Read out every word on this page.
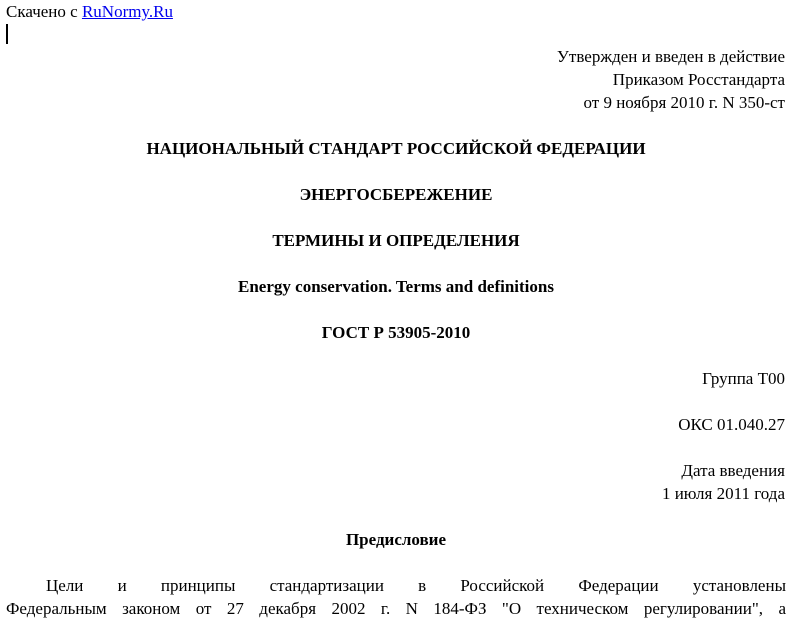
Скачено с RuNormy.Ru
Утвержден и введен в действие
Приказом Росстандарта
от 9 ноября 2010 г. N 350-ст
НАЦИОНАЛЬНЫЙ СТАНДАРТ РОССИЙСКОЙ ФЕДЕРАЦИИ
ЭНЕРГОСБЕРЕЖЕНИЕ
ТЕРМИНЫ И ОПРЕДЕЛЕНИЯ
Energy conservation. Terms and definitions
ГОСТ Р 53905-2010
Группа Т00
ОКС 01.040.27
Дата введения
1 июля 2011 года
Предисловие
Цели и принципы стандартизации в Российской Федерации установлены
Федеральным законом от 27 декабря 2002 г. N 184-ФЗ "О техническом регулировании", а
